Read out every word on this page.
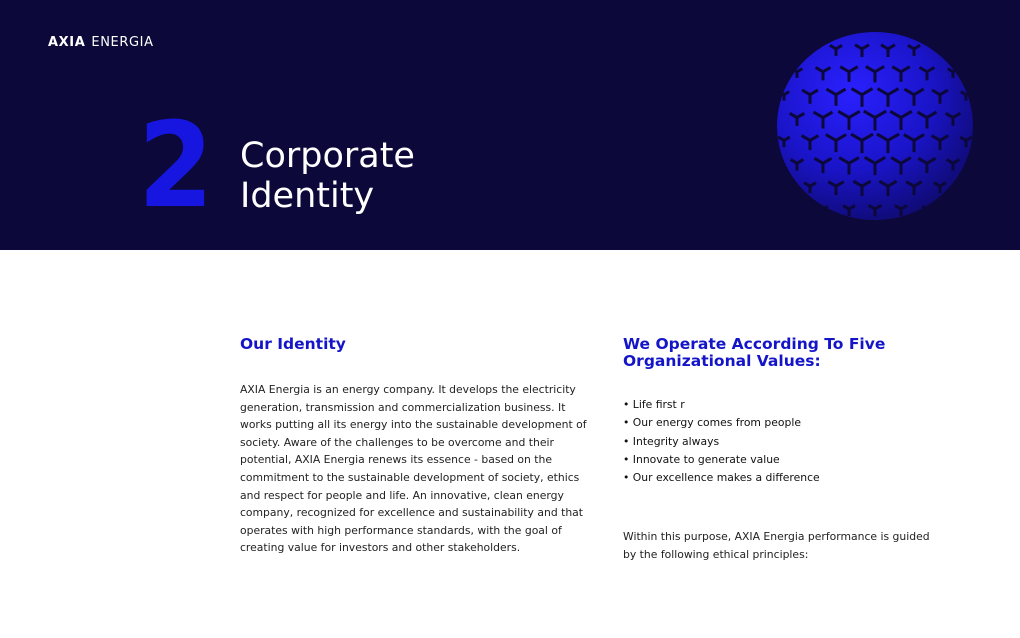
AXIA ENERGIA
2 Corporate
Identity
Our Identity

AXIA Energia is an energy company. It develops the electricity generation, transmission and commercialization business. It works putting all its energy into the sustainable development of society. Aware of the challenges to be overcome and their potential, AXIA Energia renews its essence - based on the commitment to the sustainable development of society, ethics and respect for people and life. An innovative, clean energy company, recognized for excellence and sustainability and that operates with high performance standards, with the goal of creating value for investors and other stakeholders.

We Operate According To Five Organizational Values:
• Life first r
• Our energy comes from people
• Integrity always
• Innovate to generate value
• Our excellence makes a difference

Within this purpose, AXIA Energia performance is guided by the following ethical principles:
